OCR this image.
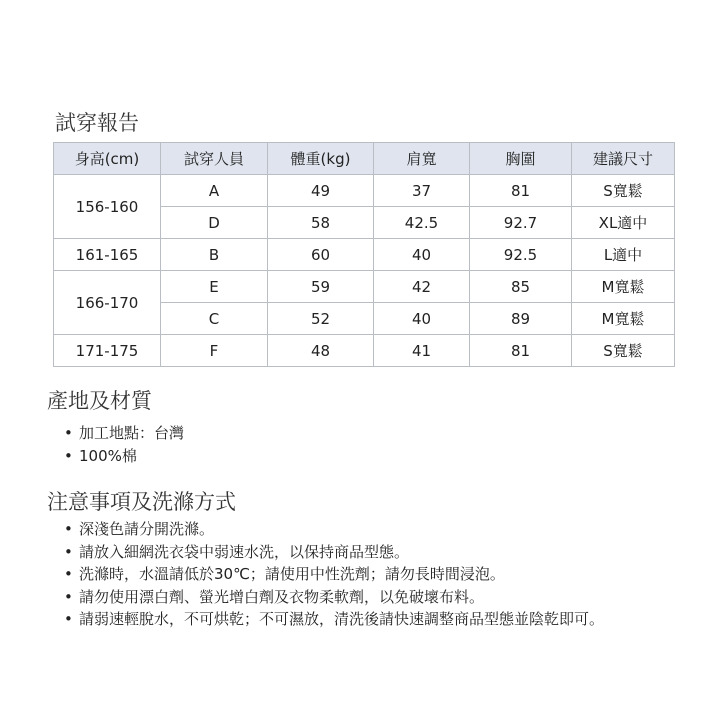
試穿報告
身高(cm)	試穿人員	體重(kg)	肩寬	胸圍	建議尺寸
156-160	A	49	37	81	S寬鬆
	D	58	42.5	92.7	XL適中
161-165	B	60	40	92.5	L適中
166-170	E	59	42	85	M寬鬆
	C	52	40	89	M寬鬆
171-175	F	48	41	81	S寬鬆
產地及材質
• 加工地點：台灣
• 100%棉
注意事項及洗滌方式
• 深淺色請分開洗滌。
• 請放入細網洗衣袋中弱速水洗，以保持商品型態。
• 洗滌時，水溫請低於30℃；請使用中性洗劑；請勿長時間浸泡。
• 請勿使用漂白劑、螢光增白劑及衣物柔軟劑，以免破壞布料。
• 請弱速輕脫水，不可烘乾；不可濕放，清洗後請快速調整商品型態並陰乾即可。
